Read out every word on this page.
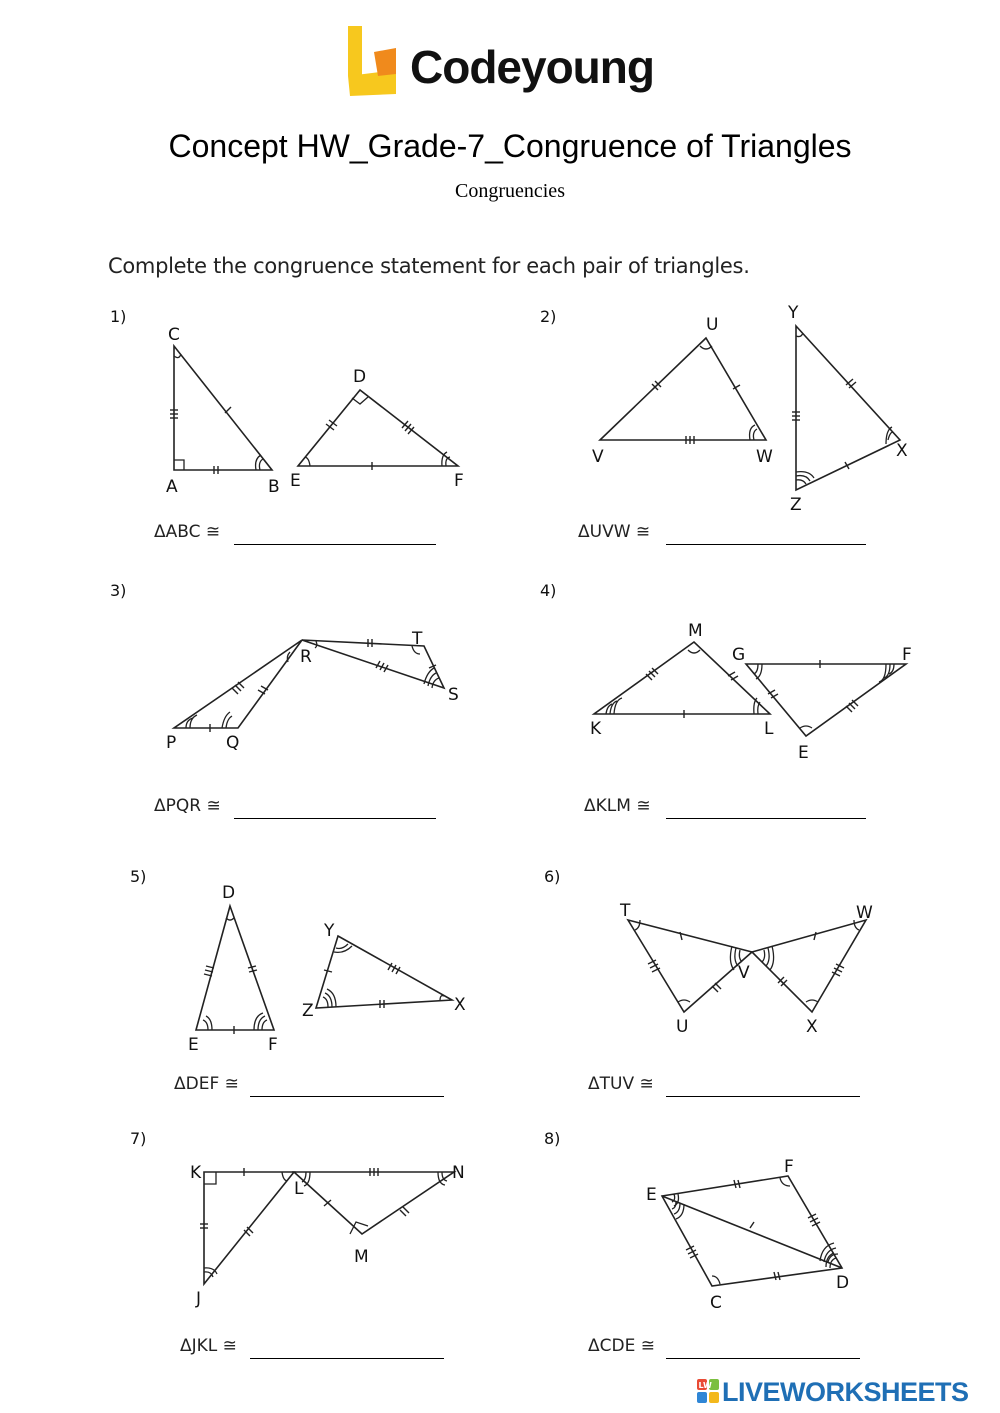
Codeyoung
Concept HW_Grade-7_Congruence of Triangles
Congruencies
Complete the congruence statement for each pair of triangles.
1)
C
A	B
D
E	F
2)	U
V	W
Y
X
Z
3)
R
T
S
P	Q
4)
M
G	F
K	L
E
5)
D
Y
E	F
Z	X
6)
T	W
V
U	X
7)
K
L
N
M
J
8)
F
E
D
C
ΔABC ≅	ΔUVW ≅
ΔPQR ≅	ΔKLM ≅
ΔDEF ≅	ΔTUV ≅
ΔJKL ≅	ΔCDE ≅
LW LIVEWORKSHEETS
